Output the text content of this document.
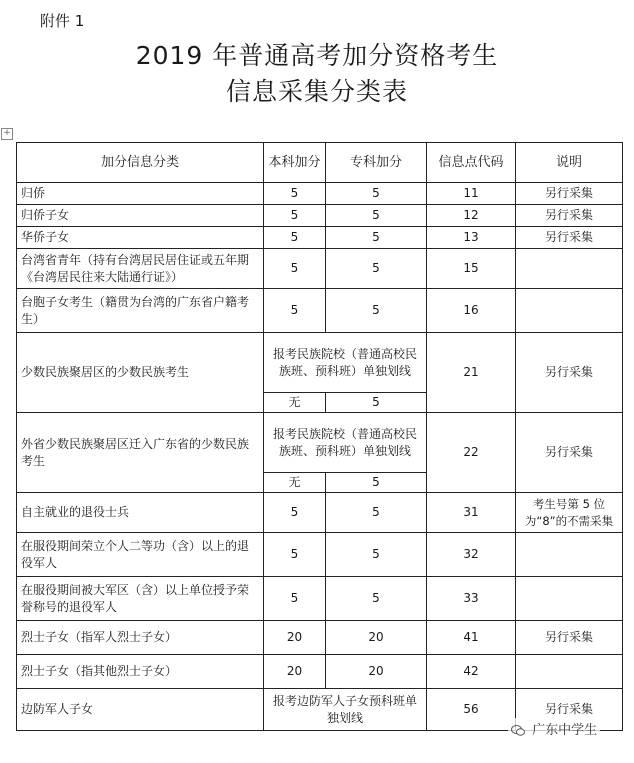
附件 1
2019 年普通高考加分资格考生
信息采集分类表
+
加分信息分类	本科加分	专科加分	信息点代码	说明
归侨	5	5	11	另行采集
归侨子女	5	5	12	另行采集
华侨子女	5	5	13	另行采集
台湾省青年（持有台湾居民居住证或五年期《台湾居民往来大陆通行证》）	5	5	15	
台胞子女考生（籍贯为台湾的广东省户籍考生）	5	5	16	
少数民族聚居区的少数民族考生	报考民族院校（普通高校民族班、预科班）单独划线		21	另行采集
	无	5		
外省少数民族聚居区迁入广东省的少数民族考生	报考民族院校（普通高校民族班、预科班）单独划线		22	另行采集
	无	5		
自主就业的退役士兵	5	5	31	考生号第 5 位为“8”的不需采集
在服役期间荣立个人二等功（含）以上的退役军人	5	5	32	
在服役期间被大军区（含）以上单位授予荣誉称号的退役军人	5	5	33	
烈士子女（指军人烈士子女）	20	20	41	另行采集
烈士子女（指其他烈士子女）	20	20	42	
边防军人子女	报考边防军人子女预科班单独划线		56	另行采集
广东中学生
